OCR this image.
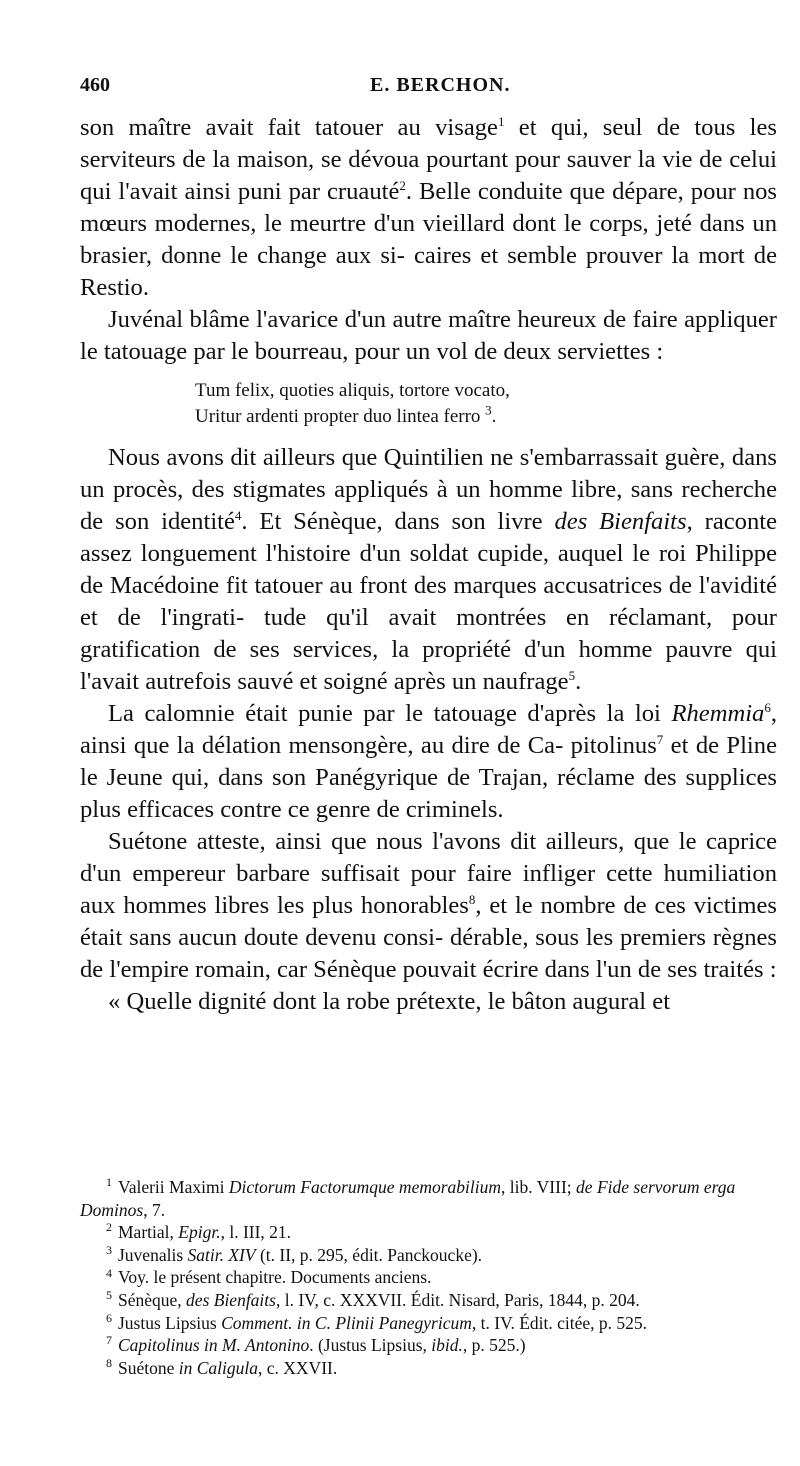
460	E. BERCHON.

son maître avait fait tatouer au visage$^1$ et qui, seul de tous les serviteurs de la maison, se dévoua pourtant pour sauver la vie de celui qui l'avait ainsi puni par cruauté$^2$. Belle conduite que dépare, pour nos mœurs modernes, le meurtre d'un vieillard dont le corps, jeté dans un brasier, donne le change aux si- caires et semble prouver la mort de Restio.

Juvénal blâme l'avarice d'un autre maître heureux de faire appliquer le tatouage par le bourreau, pour un vol de deux serviettes :

Tum felix, quoties aliquis, tortore vocato,
Uritur ardenti propter duo lintea ferro $^3$.

Nous avons dit ailleurs que Quintilien ne s'embarrassait guère, dans un procès, des stigmates appliqués à un homme libre, sans recherche de son identité$^4$. Et Sénèque, dans son livre des Bienfaits, raconte assez longuement l'histoire d'un soldat cupide, auquel le roi Philippe de Macédoine fit tatouer au front des marques accusatrices de l'avidité et de l'ingrati- tude qu'il avait montrées en réclamant, pour gratification de ses services, la propriété d'un homme pauvre qui l'avait autrefois sauvé et soigné après un naufrage$^5$.

La calomnie était punie par le tatouage d'après la loi Rhemmia$^6$, ainsi que la délation mensongère, au dire de Ca- pitolinus$^7$ et de Pline le Jeune qui, dans son Panégyrique de Trajan, réclame des supplices plus efficaces contre ce genre de criminels.

Suétone atteste, ainsi que nous l'avons dit ailleurs, que le caprice d'un empereur barbare suffisait pour faire infliger cette humiliation aux hommes libres les plus honorables$^8$, et le nombre de ces victimes était sans aucun doute devenu consi- dérable, sous les premiers règnes de l'empire romain, car Sénèque pouvait écrire dans l'un de ses traités :

« Quelle dignité dont la robe prétexte, le bâton augural et

$^1$ Valerii Maximi Dictorum Factorumque memorabilium, lib. VIII; de Fide servorum erga Dominos, 7.

$^2$ Martial, Epigr., l. III, 21.

$^3$ Juvenalis Satir. XIV (t. II, p. 295, édit. Panckoucke).

$^4$ Voy. le présent chapitre. Documents anciens.

$^5$ Sénèque, des Bienfaits, l. IV, c. XXXVII. Édit. Nisard, Paris, 1844, p. 204.

$^6$ Justus Lipsius Comment. in C. Plinii Panegyricum, t. IV. Édit. citée, p. 525.

$^7$ Capitolinus in M. Antonino. (Justus Lipsius, ibid., p. 525.)

$^8$ Suétone in Caligula, c. XXVII.
